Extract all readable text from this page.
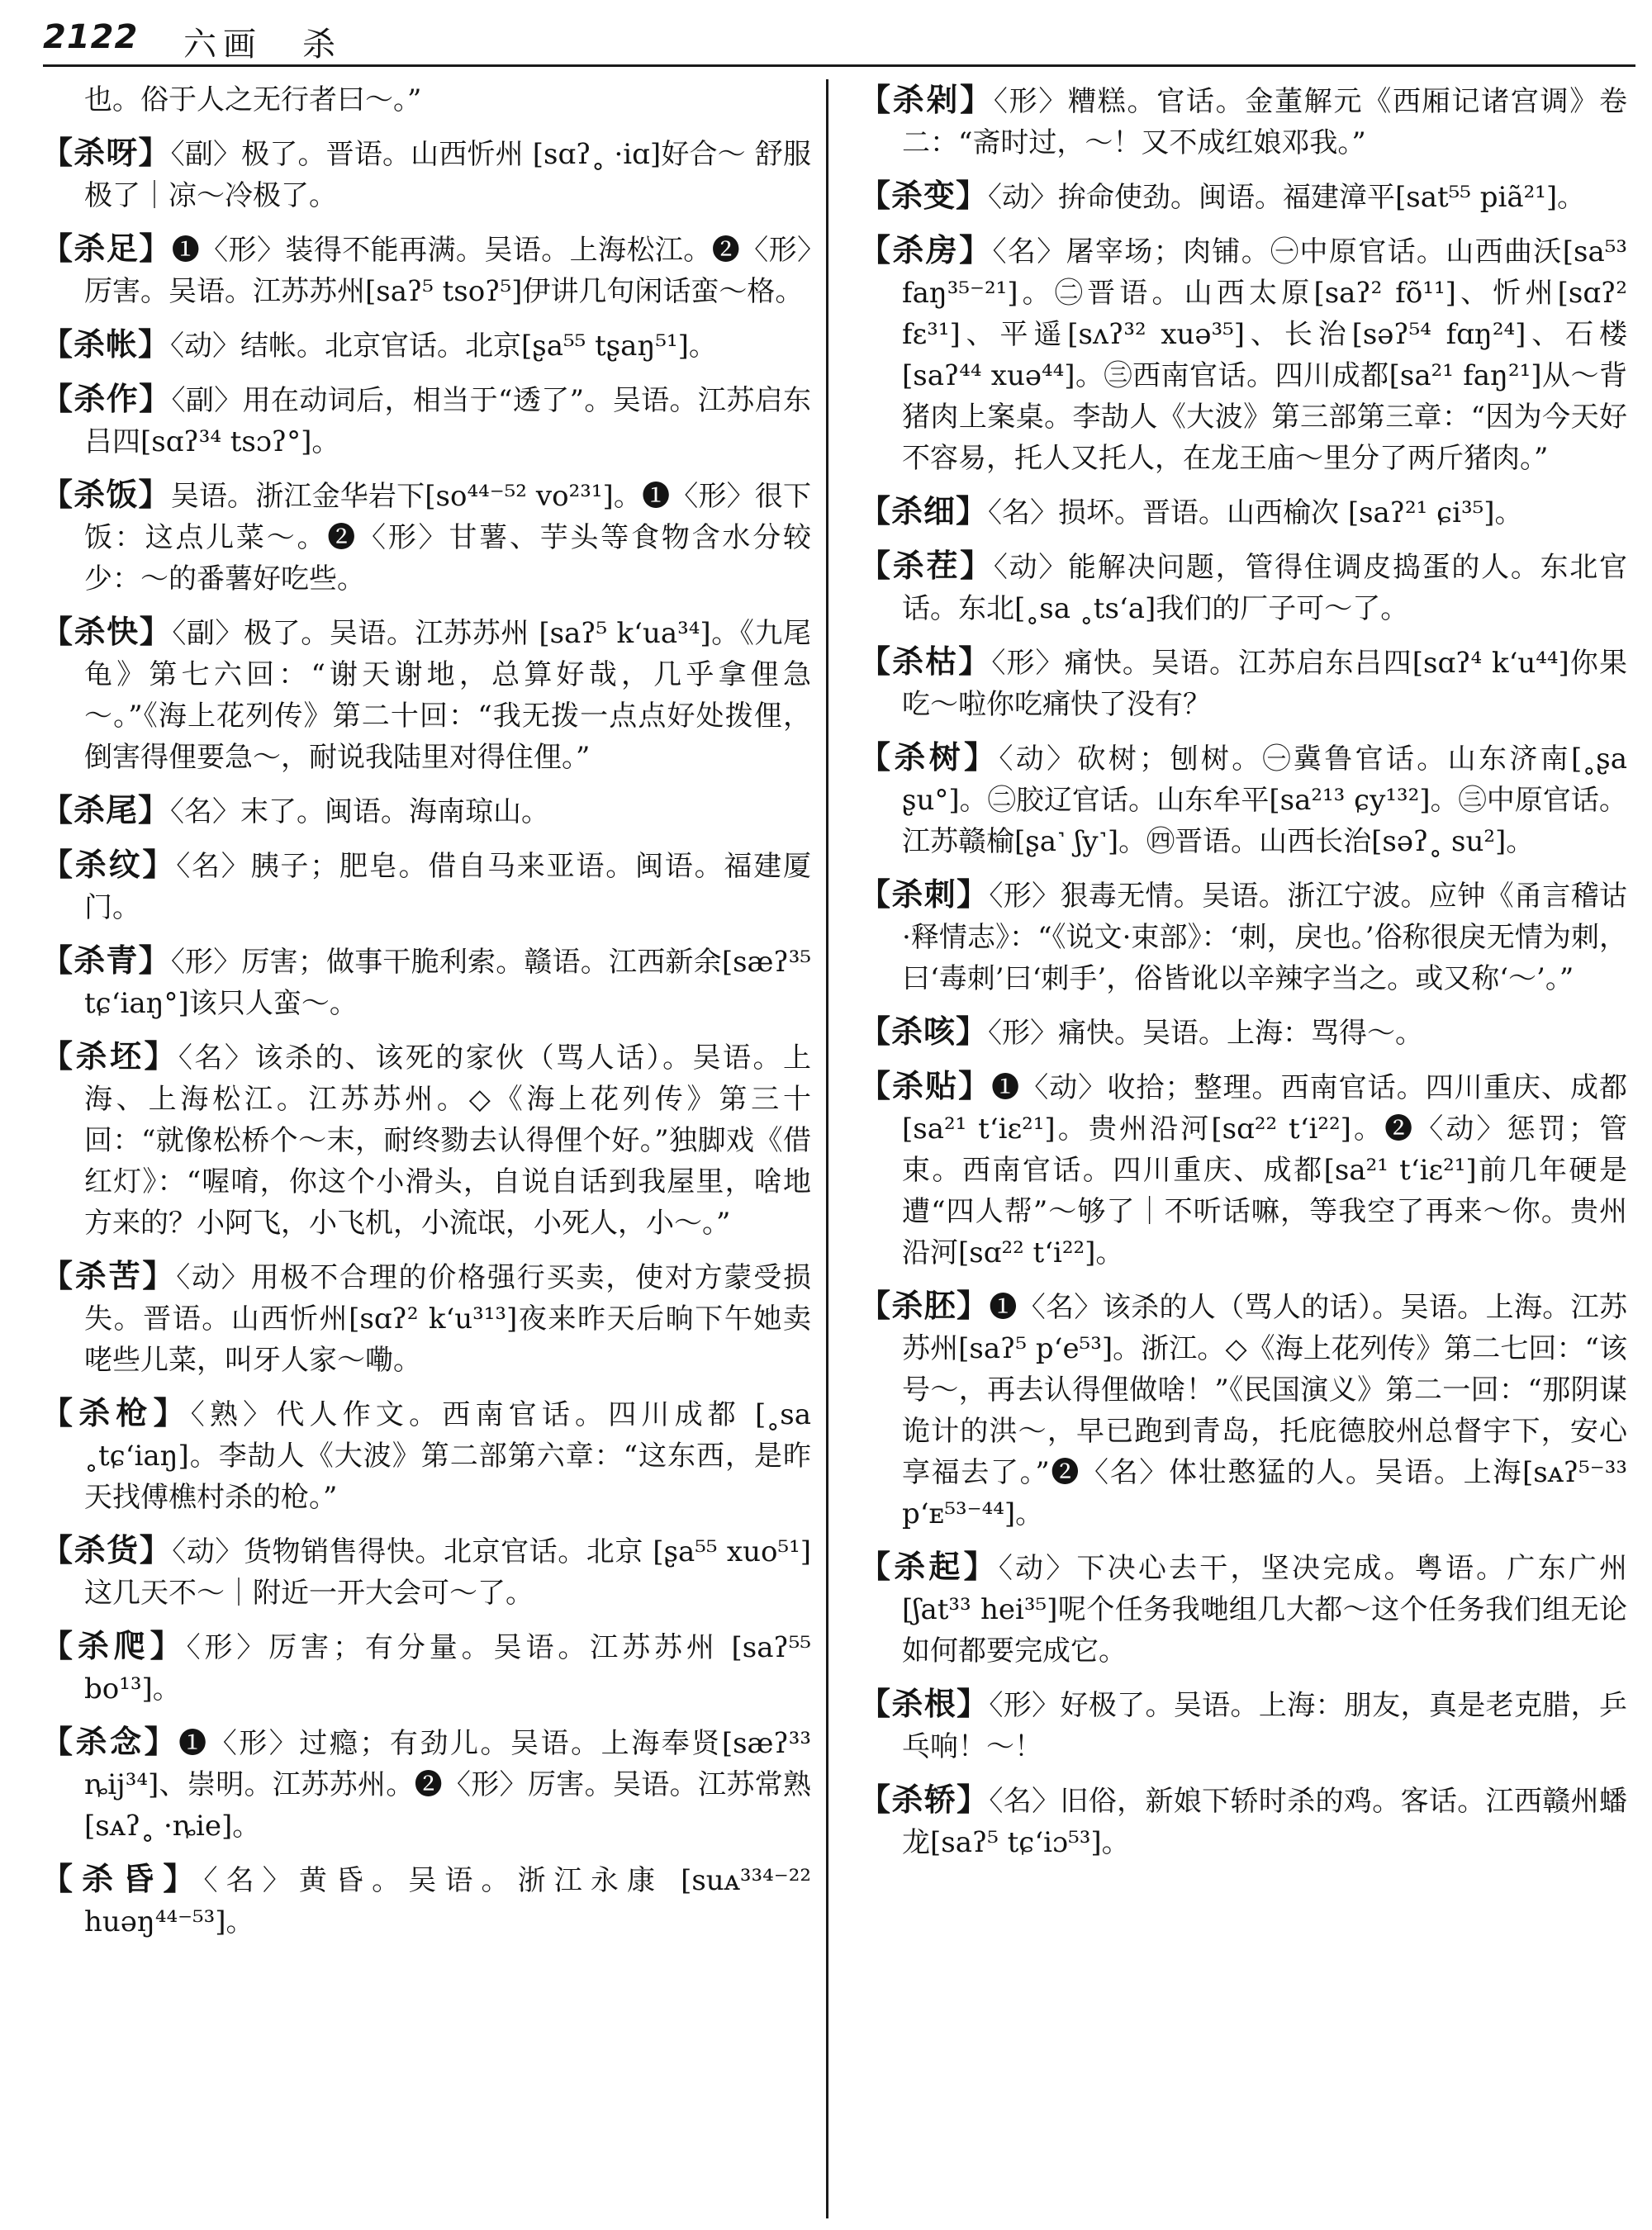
2122 六画　杀
也。俗于人之无行者曰～。”
【杀呀】〈副〉极了。晋语。山西忻州 [sɑʔ˳ ·iɑ]好合～ 舒服极了｜凉～冷极了。
【杀足】❶〈形〉装得不能再满。吴语。上海松江。❷〈形〉厉害。吴语。江苏苏州[saʔ⁵ tsoʔ⁵]伊讲几句闲话蛮～格。
【杀帐】〈动〉结帐。北京官话。北京[ʂa⁵⁵ tʂaŋ⁵¹]。
【杀作】〈副〉用在动词后，相当于“透了”。吴语。江苏启东吕四[sɑʔ³⁴ tsɔʔ°]。
【杀饭】吴语。浙江金华岩下[so⁴⁴⁻⁵² vo²³¹]。❶〈形〉很下饭：这点儿菜～。❷〈形〉甘薯、芋头等食物含水分较少：～的番薯好吃些。
【杀快】〈副〉极了。吴语。江苏苏州 [saʔ⁵ k‘ua³⁴]。《九尾龟》第七六回：“谢天谢地，总算好哉，几乎拿俚急～。”《海上花列传》第二十回：“我无拨一点点好处拨俚，倒害得俚要急～，耐说我陆里对得住俚。”
【杀尾】〈名〉末了。闽语。海南琼山。
【杀纹】〈名〉胰子；肥皂。借自马来亚语。闽语。福建厦门。
【杀青】〈形〉厉害；做事干脆利索。赣语。江西新余[sæʔ³⁵ tɕ‘iaŋ°]该只人蛮～。
【杀坯】〈名〉该杀的、该死的家伙（骂人话）。吴语。上海、上海松江。江苏苏州。◇《海上花列传》第三十回：“就像松桥个～末，耐终勠去认得俚个好。”独脚戏《借红灯》：“喔唷，你这个小滑头，自说自话到我屋里，啥地方来的？小阿飞，小飞机，小流氓，小死人，小～。”
【杀苦】〈动〉用极不合理的价格强行买卖，使对方蒙受损失。晋语。山西忻州[sɑʔ² k‘u³¹³]夜来昨天后晌下午她卖咾些儿菜，叫牙人家～嘞。
【杀枪】〈熟〉代人作文。西南官话。四川成都 [˳sa ˳tɕ‘iaŋ]。李劼人《大波》第二部第六章：“这东西，是昨天找傅樵村杀的枪。”
【杀货】〈动〉货物销售得快。北京官话。北京 [ʂa⁵⁵ xuo⁵¹]这几天不～｜附近一开大会可～了。
【杀爬】〈形〉厉害；有分量。吴语。江苏苏州 [saʔ⁵⁵ bo¹³]。
【杀念】❶〈形〉过瘾；有劲儿。吴语。上海奉贤[sæʔ³³ ȵij³⁴]、崇明。江苏苏州。❷〈形〉厉害。吴语。江苏常熟[sᴀʔ˳ ·ȵie]。
【杀昏】〈名〉黄昏。吴语。浙江永康 [suᴀ³³⁴⁻²² huəŋ⁴⁴⁻⁵³]。
【杀剁】〈形〉糟糕。官话。金董解元《西厢记诸宫调》卷二：“斋时过，～！又不成红娘邓我。”
【杀变】〈动〉拚命使劲。闽语。福建漳平[sat⁵⁵ piã²¹]。
【杀房】〈名〉屠宰场；肉铺。㊀中原官话。山西曲沃[sa⁵³ faŋ³⁵⁻²¹]。㊁晋语。山西太原[saʔ² fõ¹¹]、忻州[sɑʔ² fɛ³¹]、平遥[sʌʔ³² xuə³⁵]、长治[səʔ⁵⁴ fɑŋ²⁴]、石楼[saʔ⁴⁴ xuə⁴⁴]。㊂西南官话。四川成都[sa²¹ faŋ²¹]从～背猪肉上案桌。李劼人《大波》第三部第三章：“因为今天好不容易，托人又托人，在龙王庙～里分了两斤猪肉。”
【杀细】〈名〉损坏。晋语。山西榆次 [saʔ²¹ ɕi³⁵]。
【杀茬】〈动〉能解决问题，管得住调皮捣蛋的人。东北官话。东北[˳sa ˳ts‘a]我们的厂子可～了。
【杀枯】〈形〉痛快。吴语。江苏启东吕四[sɑʔ⁴ k‘u⁴⁴]你果吃～啦你吃痛快了没有？
【杀树】〈动〉砍树；刨树。㊀冀鲁官话。山东济南[˳ʂa ʂu°]。㊁胶辽官话。山东牟平[sa²¹³ ɕy¹³²]。㊂中原官话。江苏赣榆[ʂa˺ ʃy˺]。㊃晋语。山西长治[səʔ˳ su²]。
【杀刺】〈形〉狠毒无情。吴语。浙江宁波。应钟《甬言稽诂·释情志》：“《说文·束部》：‘刺，戾也。’俗称很戾无情为刺，曰‘毒刺’曰‘刺手’，俗皆讹以辛辣字当之。或又称‘～’。”
【杀咳】〈形〉痛快。吴语。上海：骂得～。
【杀贴】❶〈动〉收拾；整理。西南官话。四川重庆、成都[sa²¹ t‘iɛ²¹]。贵州沿河[sɑ²² t‘i²²]。❷〈动〉惩罚；管束。西南官话。四川重庆、成都[sa²¹ t‘iɛ²¹]前几年硬是遭“四人帮”～够了｜不听话嘛，等我空了再来～你。贵州沿河[sɑ²² t‘i²²]。
【杀胚】❶〈名〉该杀的人（骂人的话）。吴语。上海。江苏苏州[saʔ⁵ p‘e⁵³]。浙江。◇《海上花列传》第二七回：“该号～，再去认得俚做啥！”《民国演义》第二一回：“那阴谋诡计的洪～，早已跑到青岛，托庇德胶州总督宇下，安心享福去了。”❷〈名〉体壮憨猛的人。吴语。上海[sᴀʔ⁵⁻³³ p‘ᴇ⁵³⁻⁴⁴]。
【杀起】〈动〉下决心去干，坚决完成。粤语。广东广州 [ʃat³³ hei³⁵]呢个任务我哋组几大都～这个任务我们组无论如何都要完成它。
【杀根】〈形〉好极了。吴语。上海：朋友，真是老克腊，乒乓响！～！
【杀轿】〈名〉旧俗，新娘下轿时杀的鸡。客话。江西赣州蟠龙[saʔ⁵ tɕ‘iɔ⁵³]。
